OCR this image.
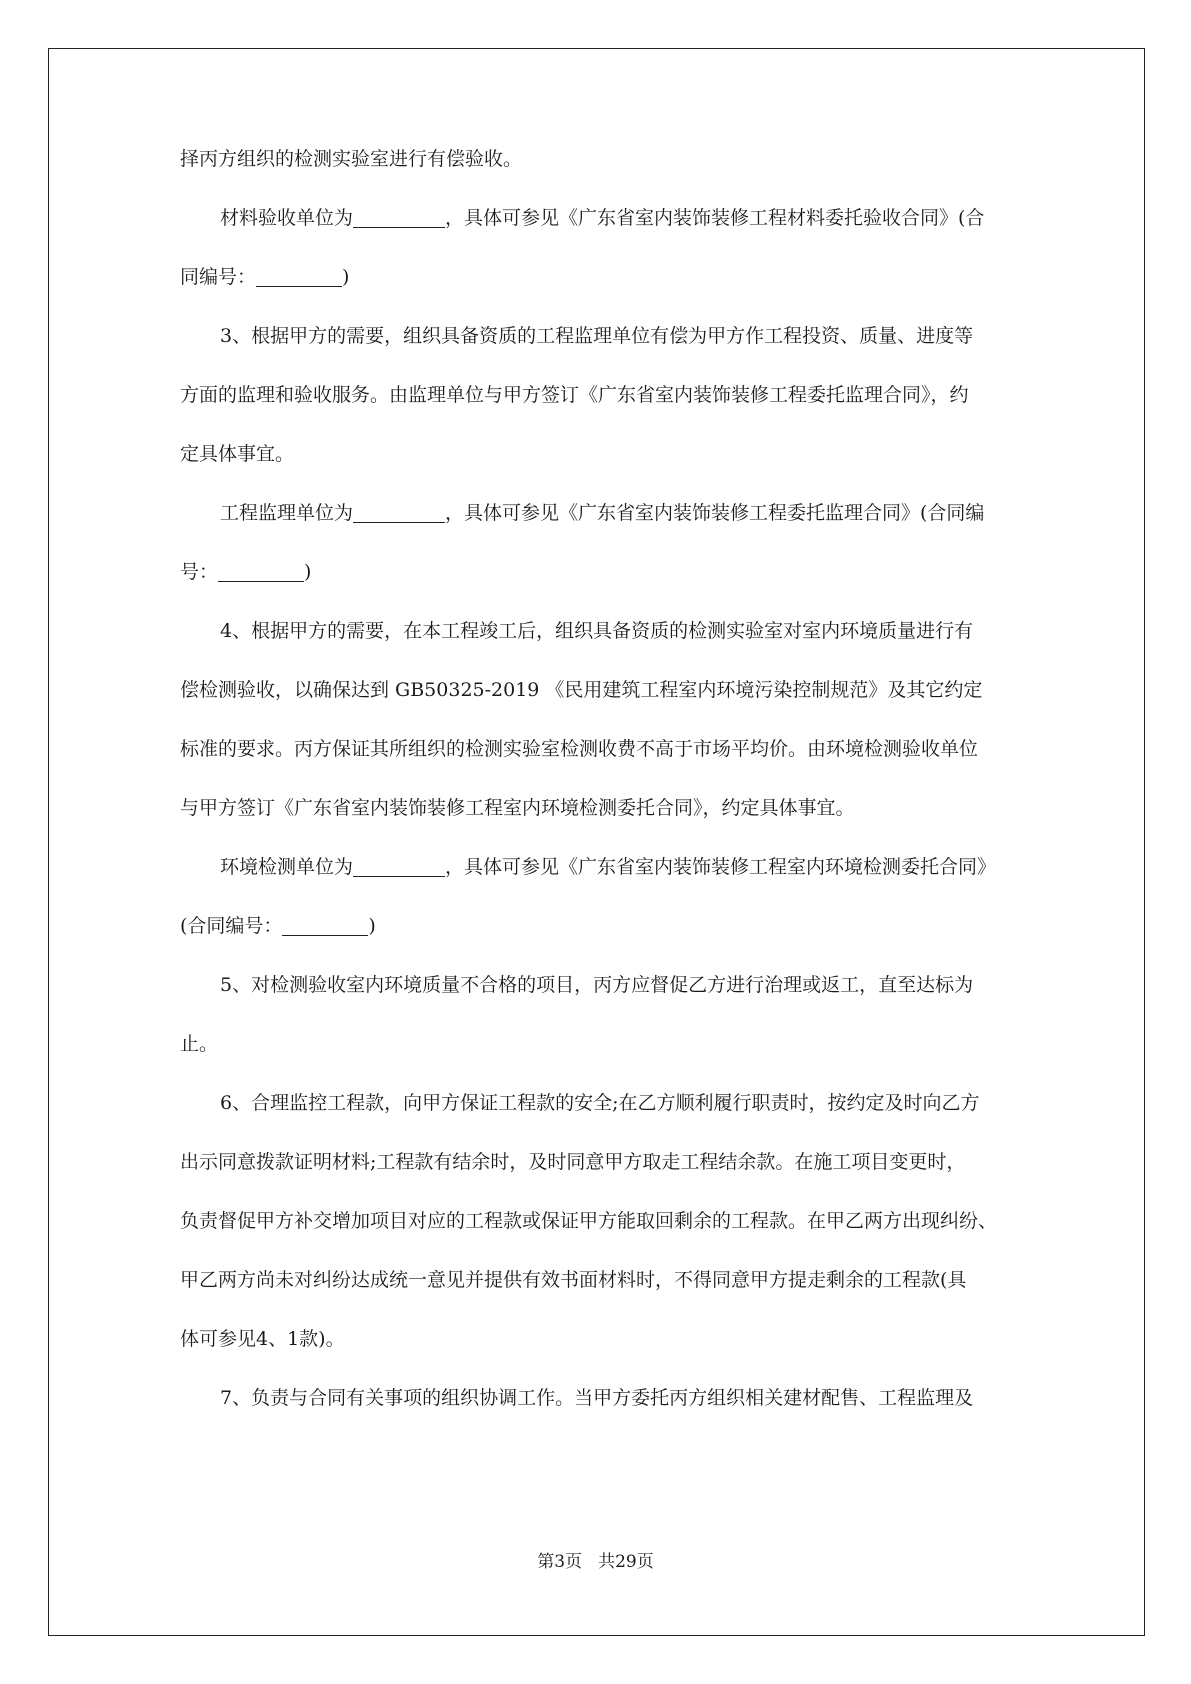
择丙方组织的检测实验室进行有偿验收。
材料验收单位为	，具体可参见《广东省室内装饰装修工程材料委托验收合同》(合
同编号：	)
3、根据甲方的需要，组织具备资质的工程监理单位有偿为甲方作工程投资、质量、进度等
方面的监理和验收服务。由监理单位与甲方签订《广东省室内装饰装修工程委托监理合同》，约
定具体事宜。
工程监理单位为	，具体可参见《广东省室内装饰装修工程委托监理合同》(合同编
号：	)
4、根据甲方的需要，在本工程竣工后，组织具备资质的检测实验室对室内环境质量进行有
偿检测验收，以确保达到 GB50325-2019 《民用建筑工程室内环境污染控制规范》及其它约定
标准的要求。丙方保证其所组织的检测实验室检测收费不高于市场平均价。由环境检测验收单位
与甲方签订《广东省室内装饰装修工程室内环境检测委托合同》，约定具体事宜。
环境检测单位为	，具体可参见《广东省室内装饰装修工程室内环境检测委托合同》
(合同编号：	)
5、对检测验收室内环境质量不合格的项目，丙方应督促乙方进行治理或返工，直至达标为
止。
6、合理监控工程款，向甲方保证工程款的安全;在乙方顺利履行职责时，按约定及时向乙方
出示同意拨款证明材料;工程款有结余时，及时同意甲方取走工程结余款。在施工项目变更时，
负责督促甲方补交增加项目对应的工程款或保证甲方能取回剩余的工程款。在甲乙两方出现纠纷、
甲乙两方尚未对纠纷达成统一意见并提供有效书面材料时，不得同意甲方提走剩余的工程款(具
体可参见4、1款)。
7、负责与合同有关事项的组织协调工作。当甲方委托丙方组织相关建材配售、工程监理及
第3页 共29页
